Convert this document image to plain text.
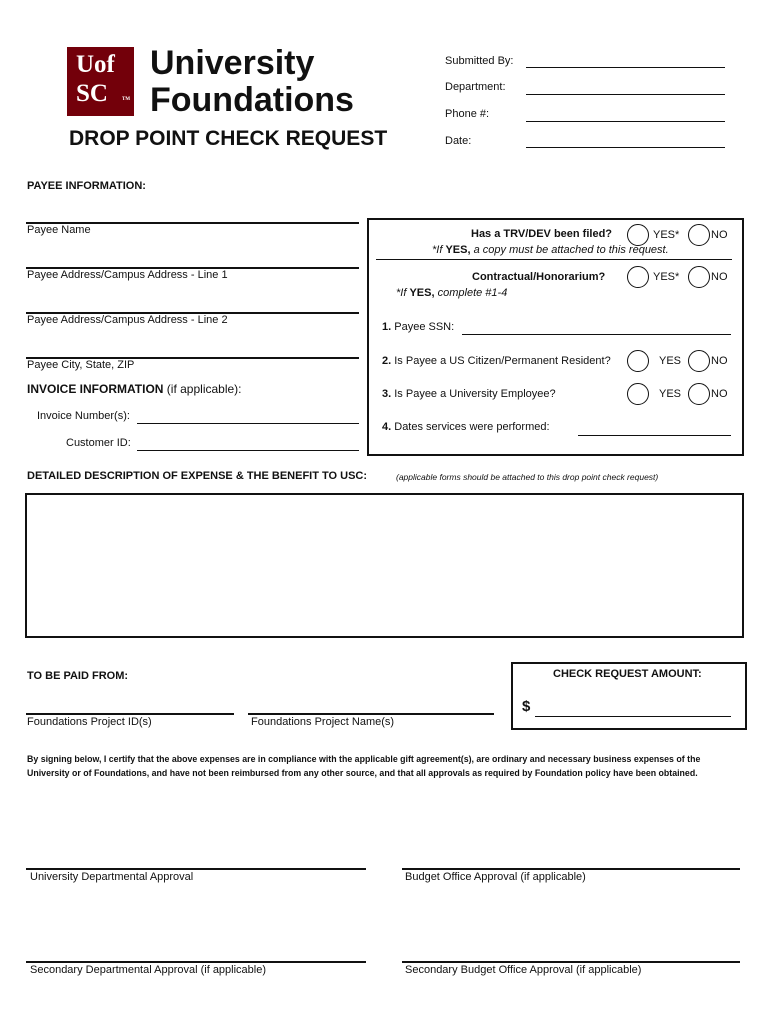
Uof
SC	TM
University
Foundations
DROP POINT CHECK REQUEST
Submitted By:
Department:
Phone #:
Date:
PAYEE INFORMATION:
Payee Name
Payee Address/Campus Address - Line 1
Payee Address/Campus Address - Line 2
Payee City, State, ZIP
INVOICE INFORMATION (if applicable):
Invoice Number(s):
Customer ID:
Has a TRV/DEV been filed?	YES*	NO
*If YES, a copy must be attached to this request.
Contractual/Honorarium?	YES*	NO
*If YES, complete #1-4
1. Payee SSN:
2. Is Payee a US Citizen/Permanent Resident?	YES	NO
3. Is Payee a University Employee?	YES	NO
4. Dates services were performed:
DETAILED DESCRIPTION OF EXPENSE & THE BENEFIT TO USC:	(applicable forms should be attached to this drop point check request)
TO BE PAID FROM:
Foundations Project ID(s)	Foundations Project Name(s)
CHECK REQUEST AMOUNT:
$
By signing below, I certify that the above expenses are in compliance with the applicable gift agreement(s), are ordinary and necessary business expenses of the
University or of Foundations, and have not been reimbursed from any other source, and that all approvals as required by Foundation policy have been obtained.
University Departmental Approval	Budget Office Approval (if applicable)
Secondary Departmental Approval (if applicable)	Secondary Budget Office Approval (if applicable)
